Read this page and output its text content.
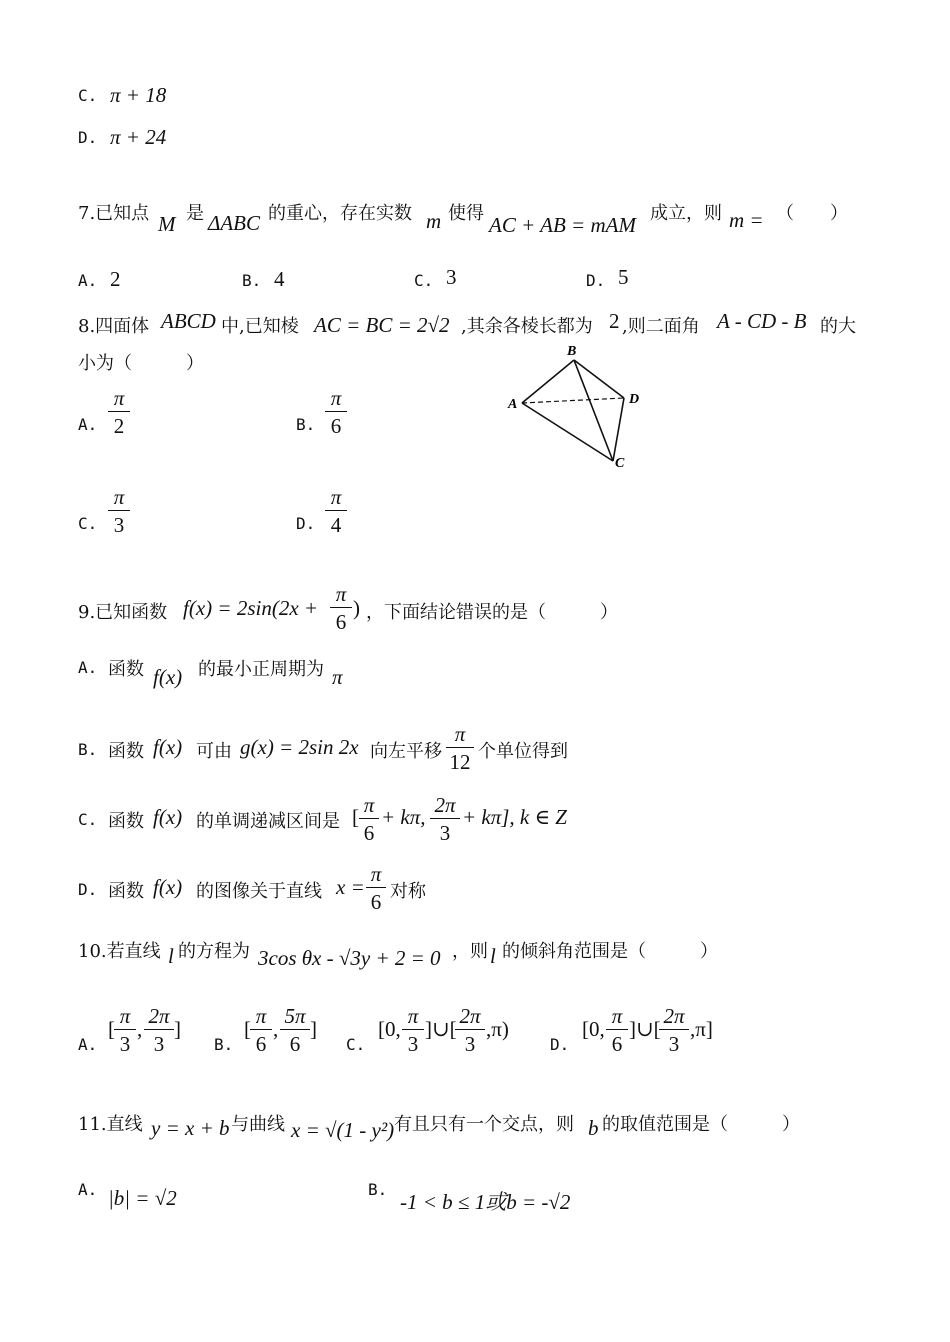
C. π + 18
D. π + 24
7.已知点 M 是 ΔABC 的重心，存在实数 m 使得 AC + AB = mAM 成立，则 m = （　　）
A. 2	B. 4	C. 3	D. 5
8.四面体 ABCD 中,已知棱 AC = BC = 2√2 ,其余各棱长都为 2 ,则二面角 A - CD - B 的大
小为（　　　）
A.
π
2	B.
π
6
C.
π
3	D.
π
4
A
B
C
D
9.已知函数 f(x) = 2sin(2x +
π
6
) ，下面结论错误的是（　　　）
A. 函数 f(x) 的最小正周期为 π
B. 函数 f(x) 可由 g(x) = 2sin 2x 向左平移
π
12 个单位得到
C. 函数 f(x) 的单调递减区间是 [ π
6
+ kπ, 2π
3
+ kπ], k ∈ Z
D. 函数 f(x) 的图像关于直线 x =
π
6 对称
10.若直线 l 的方程为 3cos θx - √3y + 2 = 0 ，则 l 的倾斜角范围是（　　　）
A.
[
π
3
,
2π
3
]
B.
[
π
6
,
5π
6
]
C.
[0,
π
3
]∪[
2π
3
,π)
D.
[0,
π
6
]∪[
2π
3
,π]
11.直线 y = x + b 与曲线 x = √(1 - y²) 有且只有一个交点，则 b 的取值范围是（　　　）
A. |b| = √2	B.
-1 < b ≤ 1或b = -√2
